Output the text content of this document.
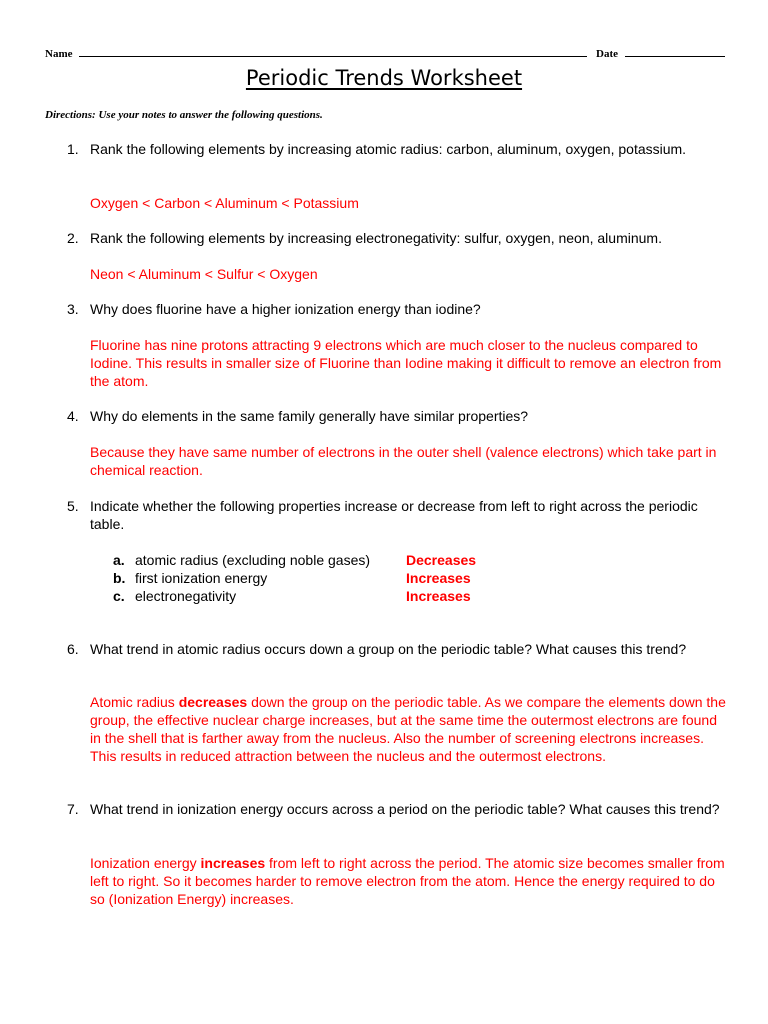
Name	Date
Periodic Trends Worksheet
Directions: Use your notes to answer the following questions.
1. Rank the following elements by increasing atomic radius: carbon, aluminum, oxygen, potassium.
Oxygen < Carbon < Aluminum < Potassium
2. Rank the following elements by increasing electronegativity: sulfur, oxygen, neon, aluminum.
Neon < Aluminum < Sulfur < Oxygen
3. Why does fluorine have a higher ionization energy than iodine?
Fluorine has nine protons attracting 9 electrons which are much closer to the nucleus compared to Iodine. This results in smaller size of Fluorine than Iodine making it difficult to remove an electron from the atom.
4. Why do elements in the same family generally have similar properties?
Because they have same number of electrons in the outer shell (valence electrons) which take part in chemical reaction.
5. Indicate whether the following properties increase or decrease from left to right across the periodic table.
a. atomic radius (excluding noble gases)	Decreases
b. first ionization energy	Increases
c. electronegativity	Increases
6. What trend in atomic radius occurs down a group on the periodic table? What causes this trend?
Atomic radius decreases down the group on the periodic table. As we compare the elements down the group, the effective nuclear charge increases, but at the same time the outermost electrons are found in the shell that is farther away from the nucleus. Also the number of screening electrons increases. This results in reduced attraction between the nucleus and the outermost electrons.
7. What trend in ionization energy occurs across a period on the periodic table? What causes this trend?
Ionization energy increases from left to right across the period. The atomic size becomes smaller from left to right. So it becomes harder to remove electron from the atom. Hence the energy required to do so (Ionization Energy) increases.
